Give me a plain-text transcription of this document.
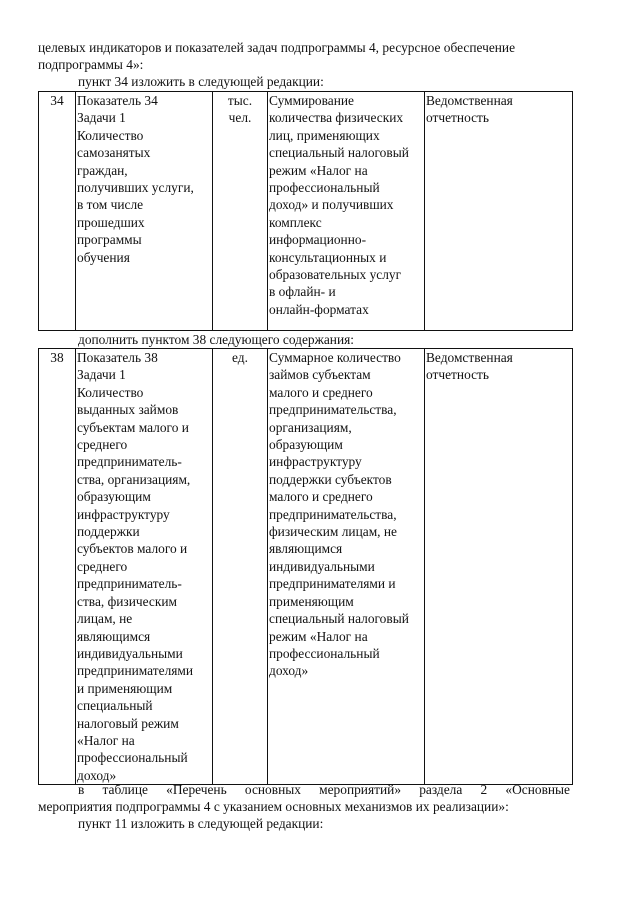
целевых индикаторов и показателей задач подпрограммы 4, ресурсное обеспечение
подпрограммы 4»:
пункт 34 изложить в следующей редакции:
34	Показатель 34
Задачи 1
Количество
самозанятых
граждан,
получивших услуги,
в том числе
прошедших
программы
обучения	тыс.
чел.	Суммирование
количества физических
лиц, применяющих
специальный налоговый
режим «Налог на
профессиональный
доход» и получивших
комплекс
информационно-
консультационных и
образовательных услуг
в офлайн- и
онлайн-форматах	Ведомственная
отчетность
дополнить пунктом 38 следующего содержания:
38	Показатель 38
Задачи 1
Количество
выданных займов
субъектам малого и
среднего
предприниматель-
ства, организациям,
образующим
инфраструктуру
поддержки
субъектов малого и
среднего
предприниматель-
ства, физическим
лицам, не
являющимся
индивидуальными
предпринимателями
и применяющим
специальный
налоговый режим
«Налог на
профессиональный
доход»	ед.	Суммарное количество
займов субъектам
малого и среднего
предпринимательства,
организациям,
образующим
инфраструктуру
поддержки субъектов
малого и среднего
предпринимательства,
физическим лицам, не
являющимся
индивидуальными
предпринимателями и
применяющим
специальный налоговый
режим «Налог на
профессиональный
доход»	Ведомственная
отчетность
в таблице «Перечень основных мероприятий» раздела 2 «Основные
мероприятия подпрограммы 4 с указанием основных механизмов их реализации»:
пункт 11 изложить в следующей редакции:
